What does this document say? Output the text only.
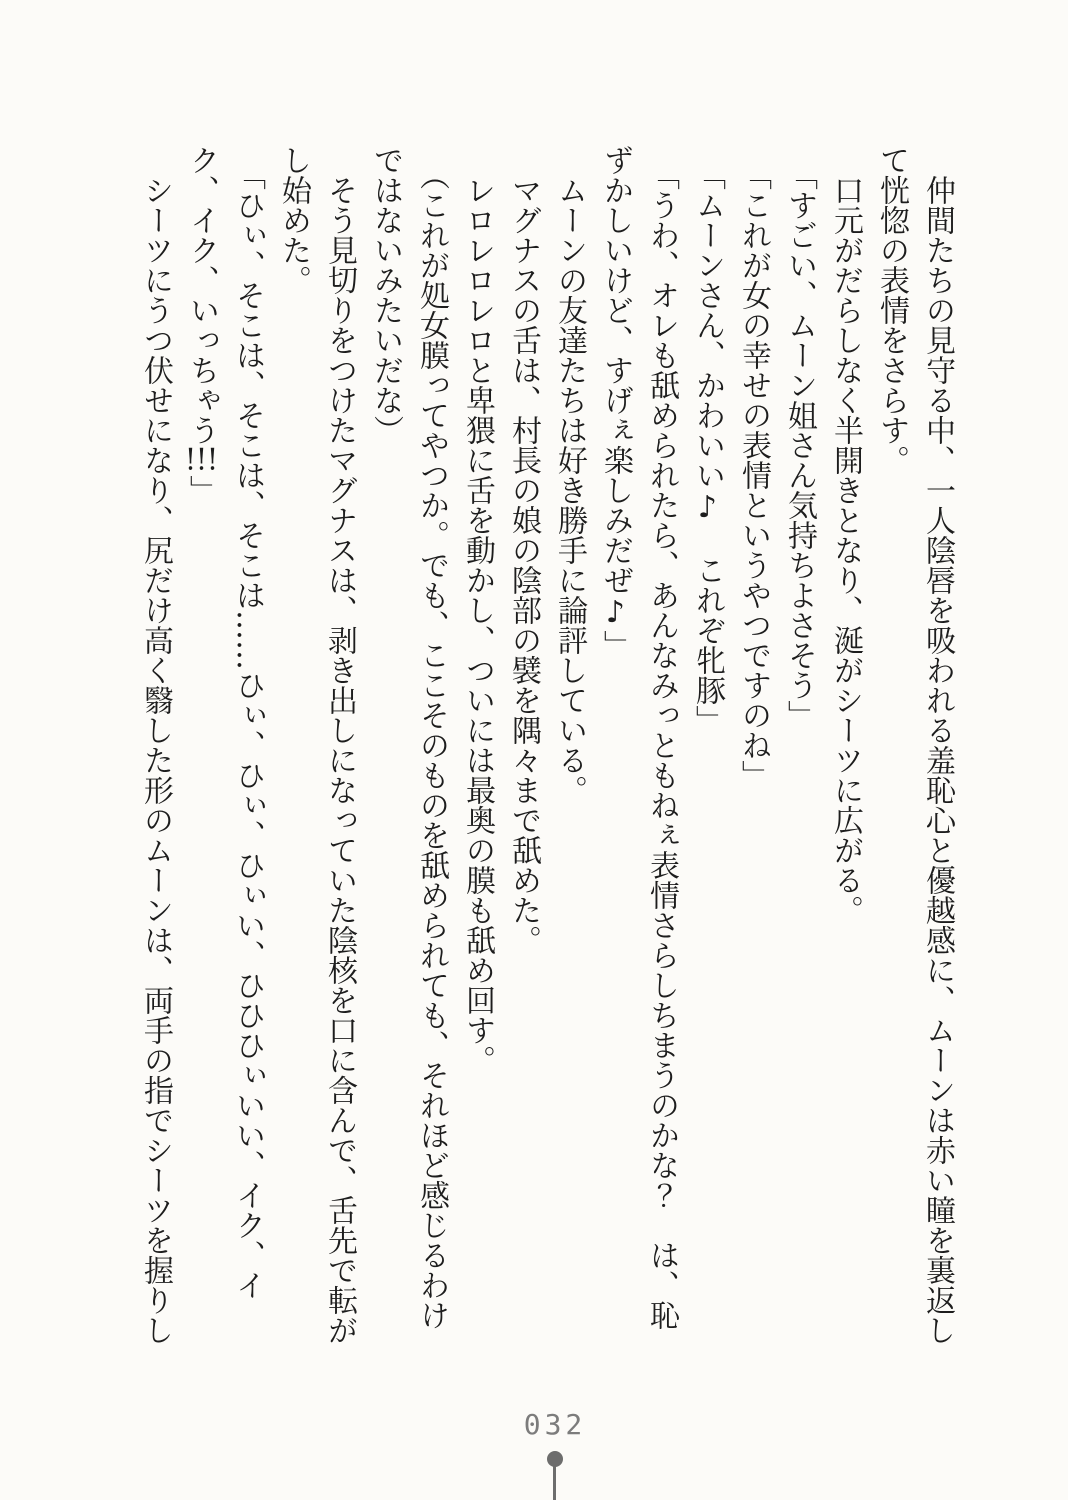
仲間たちの見守る中、一人陰唇を吸われる羞恥心と優越感に、ムーンは赤い瞳を裏返して恍惚の表情をさらす。

口元がだらしなく半開きとなり、涎がシーツに広がる。

「すごい、ムーン姐さん気持ちよさそう」

「これが女の幸せの表情というやつですのね」

「ムーンさん、かわいい♪　これぞ牝豚」

「うわ、オレも舐められたら、あんなみっともねぇ表情さらしちまうのかな？　は、恥ずかしいけど、すげぇ楽しみだぜ♪」

ムーンの友達たちは好き勝手に論評している。

マグナスの舌は、村長の娘の陰部の襞を隅々まで舐めた。

レロレロレロと卑猥に舌を動かし、ついには最奥の膜も舐め回す。

（これが処女膜ってやつか。でも、ここそのものを舐められても、それほど感じるわけではないみたいだな）

そう見切りをつけたマグナスは、剥き出しになっていた陰核を口に含んで、舌先で転がし始めた。

「ひぃ、そこは、そこは、そこは……ひぃ、ひぃ、ひぃい、ひひひぃいい、イク、イク、イク、いっちゃう!!!」

シーツにうつ伏せになり、尻だけ高く翳した形のムーンは、両手の指でシーツを握りし

032
